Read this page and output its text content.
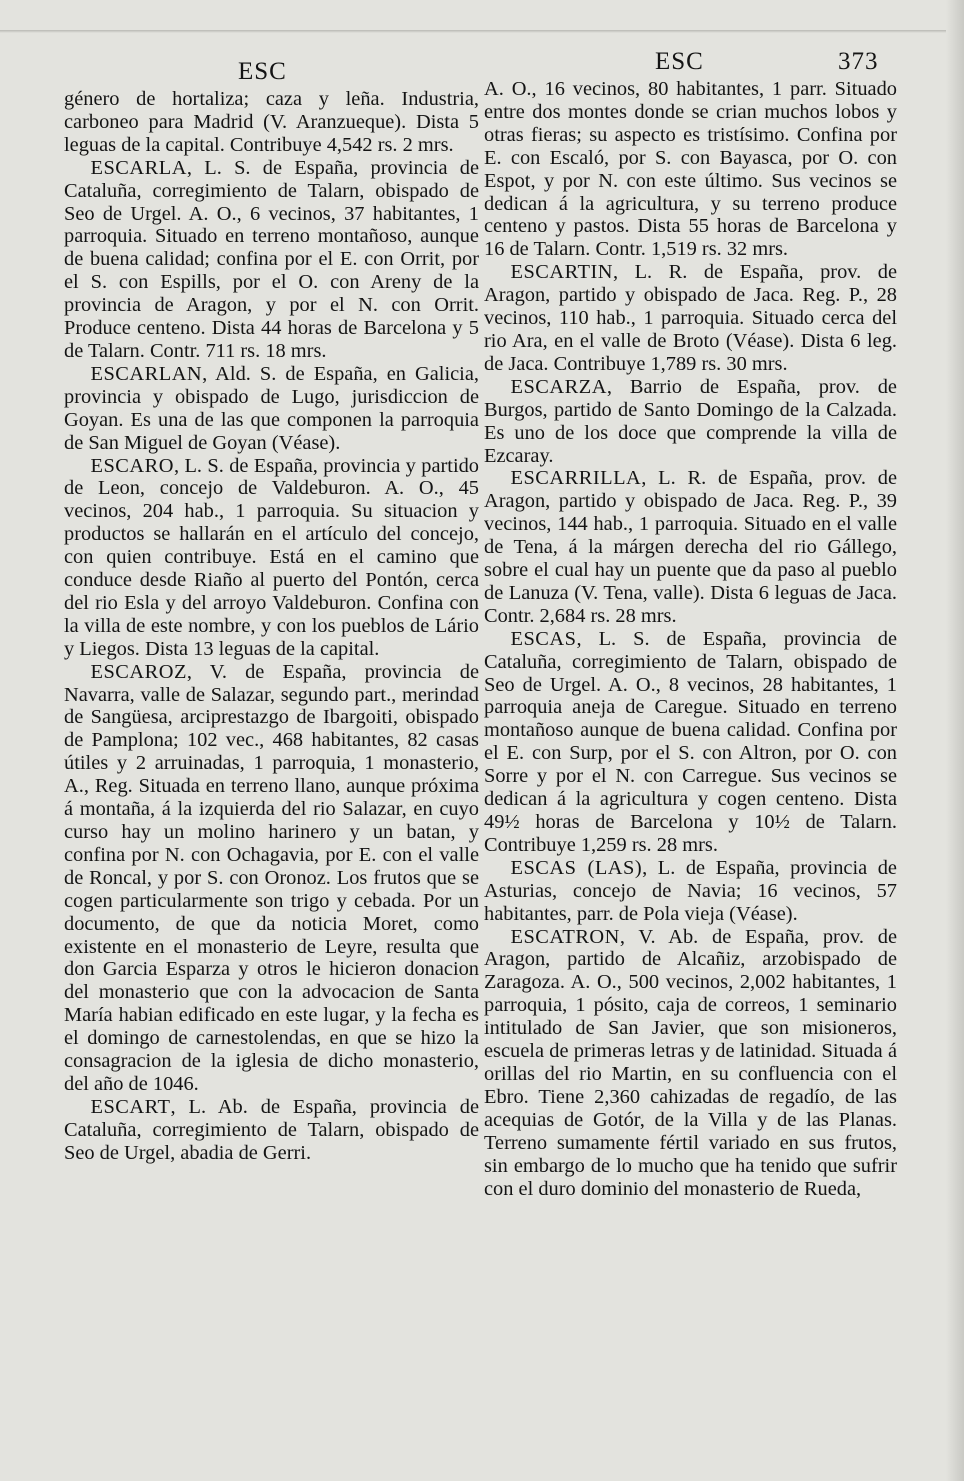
ESC	ESC	373

género de hortaliza; caza y leña. Industria, carboneo para Madrid (V. Aranzueque). Dista 5 leguas de la capital. Contribuye 4,542 rs. 2 mrs.

ESCARLA, L. S. de España, provincia de Cataluña, corregimiento de Talarn, obispado de Seo de Urgel. A. O., 6 vecinos, 37 habitantes, 1 parroquia. Situado en terreno montañoso, aunque de buena calidad; confina por el E. con Orrit, por el S. con Espills, por el O. con Areny de la provincia de Aragon, y por el N. con Orrit. Produce centeno. Dista 44 horas de Barcelona y 5 de Talarn. Contr. 711 rs. 18 mrs.

ESCARLAN, Ald. S. de España, en Galicia, provincia y obispado de Lugo, jurisdiccion de Goyan. Es una de las que componen la parroquia de San Miguel de Goyan (Véase).

ESCARO, L. S. de España, provincia y partido de Leon, concejo de Valdeburon. A. O., 45 vecinos, 204 hab., 1 parroquia. Su situacion y productos se hallarán en el artículo del concejo, con quien contribuye. Está en el camino que conduce desde Riaño al puerto del Pontón, cerca del rio Esla y del arroyo Valdeburon. Confina con la villa de este nombre, y con los pueblos de Lário y Liegos. Dista 13 leguas de la capital.

ESCAROZ, V. de España, provincia de Navarra, valle de Salazar, segundo part., merindad de Sangüesa, arciprestazgo de Ibargoiti, obispado de Pamplona; 102 vec., 468 habitantes, 82 casas útiles y 2 arruinadas, 1 parroquia, 1 monasterio, A., Reg. Situada en terreno llano, aunque próxima á montaña, á la izquierda del rio Salazar, en cuyo curso hay un molino harinero y un batan, y confina por N. con Ochagavia, por E. con el valle de Roncal, y por S. con Oronoz. Los frutos que se cogen particularmente son trigo y cebada. Por un documento, de que da noticia Moret, como existente en el monasterio de Leyre, resulta que don Garcia Esparza y otros le hicieron donacion del monasterio que con la advocacion de Santa María habian edificado en este lugar, y la fecha es el domingo de carnestolendas, en que se hizo la consagracion de la iglesia de dicho monasterio, del año de 1046.

ESCART, L. Ab. de España, provincia de Cataluña, corregimiento de Talarn, obispado de Seo de Urgel, abadia de Gerri.

A. O., 16 vecinos, 80 habitantes, 1 parr. Situado entre dos montes donde se crian muchos lobos y otras fieras; su aspecto es tristísimo. Confina por E. con Escaló, por S. con Bayasca, por O. con Espot, y por N. con este último. Sus vecinos se dedican á la agricultura, y su terreno produce centeno y pastos. Dista 55 horas de Barcelona y 16 de Talarn. Contr. 1,519 rs. 32 mrs.

ESCARTIN, L. R. de España, prov. de Aragon, partido y obispado de Jaca. Reg. P., 28 vecinos, 110 hab., 1 parroquia. Situado cerca del rio Ara, en el valle de Broto (Véase). Dista 6 leg. de Jaca. Contribuye 1,789 rs. 30 mrs.

ESCARZA, Barrio de España, prov. de Burgos, partido de Santo Domingo de la Calzada. Es uno de los doce que comprende la villa de Ezcaray.

ESCARRILLA, L. R. de España, prov. de Aragon, partido y obispado de Jaca. Reg. P., 39 vecinos, 144 hab., 1 parroquia. Situado en el valle de Tena, á la márgen derecha del rio Gállego, sobre el cual hay un puente que da paso al pueblo de Lanuza (V. Tena, valle). Dista 6 leguas de Jaca. Contr. 2,684 rs. 28 mrs.

ESCAS, L. S. de España, provincia de Cataluña, corregimiento de Talarn, obispado de Seo de Urgel. A. O., 8 vecinos, 28 habitantes, 1 parroquia aneja de Caregue. Situado en terreno montañoso aunque de buena calidad. Confina por el E. con Surp, por el S. con Altron, por O. con Sorre y por el N. con Carregue. Sus vecinos se dedican á la agricultura y cogen centeno. Dista 49½ horas de Barcelona y 10½ de Talarn. Contribuye 1,259 rs. 28 mrs.

ESCAS (LAS), L. de España, provincia de Asturias, concejo de Navia; 16 vecinos, 57 habitantes, parr. de Pola vieja (Véase).

ESCATRON, V. Ab. de España, prov. de Aragon, partido de Alcañiz, arzobispado de Zaragoza. A. O., 500 vecinos, 2,002 habitantes, 1 parroquia, 1 pósito, caja de correos, 1 seminario intitulado de San Javier, que son misioneros, escuela de primeras letras y de latinidad. Situada á orillas del rio Martin, en su confluencia con el Ebro. Tiene 2,360 cahizadas de regadío, de las acequias de Gotór, de la Villa y de las Planas. Terreno sumamente fértil variado en sus frutos, sin embargo de lo mucho que ha tenido que sufrir con el duro dominio del monasterio de Rueda,
